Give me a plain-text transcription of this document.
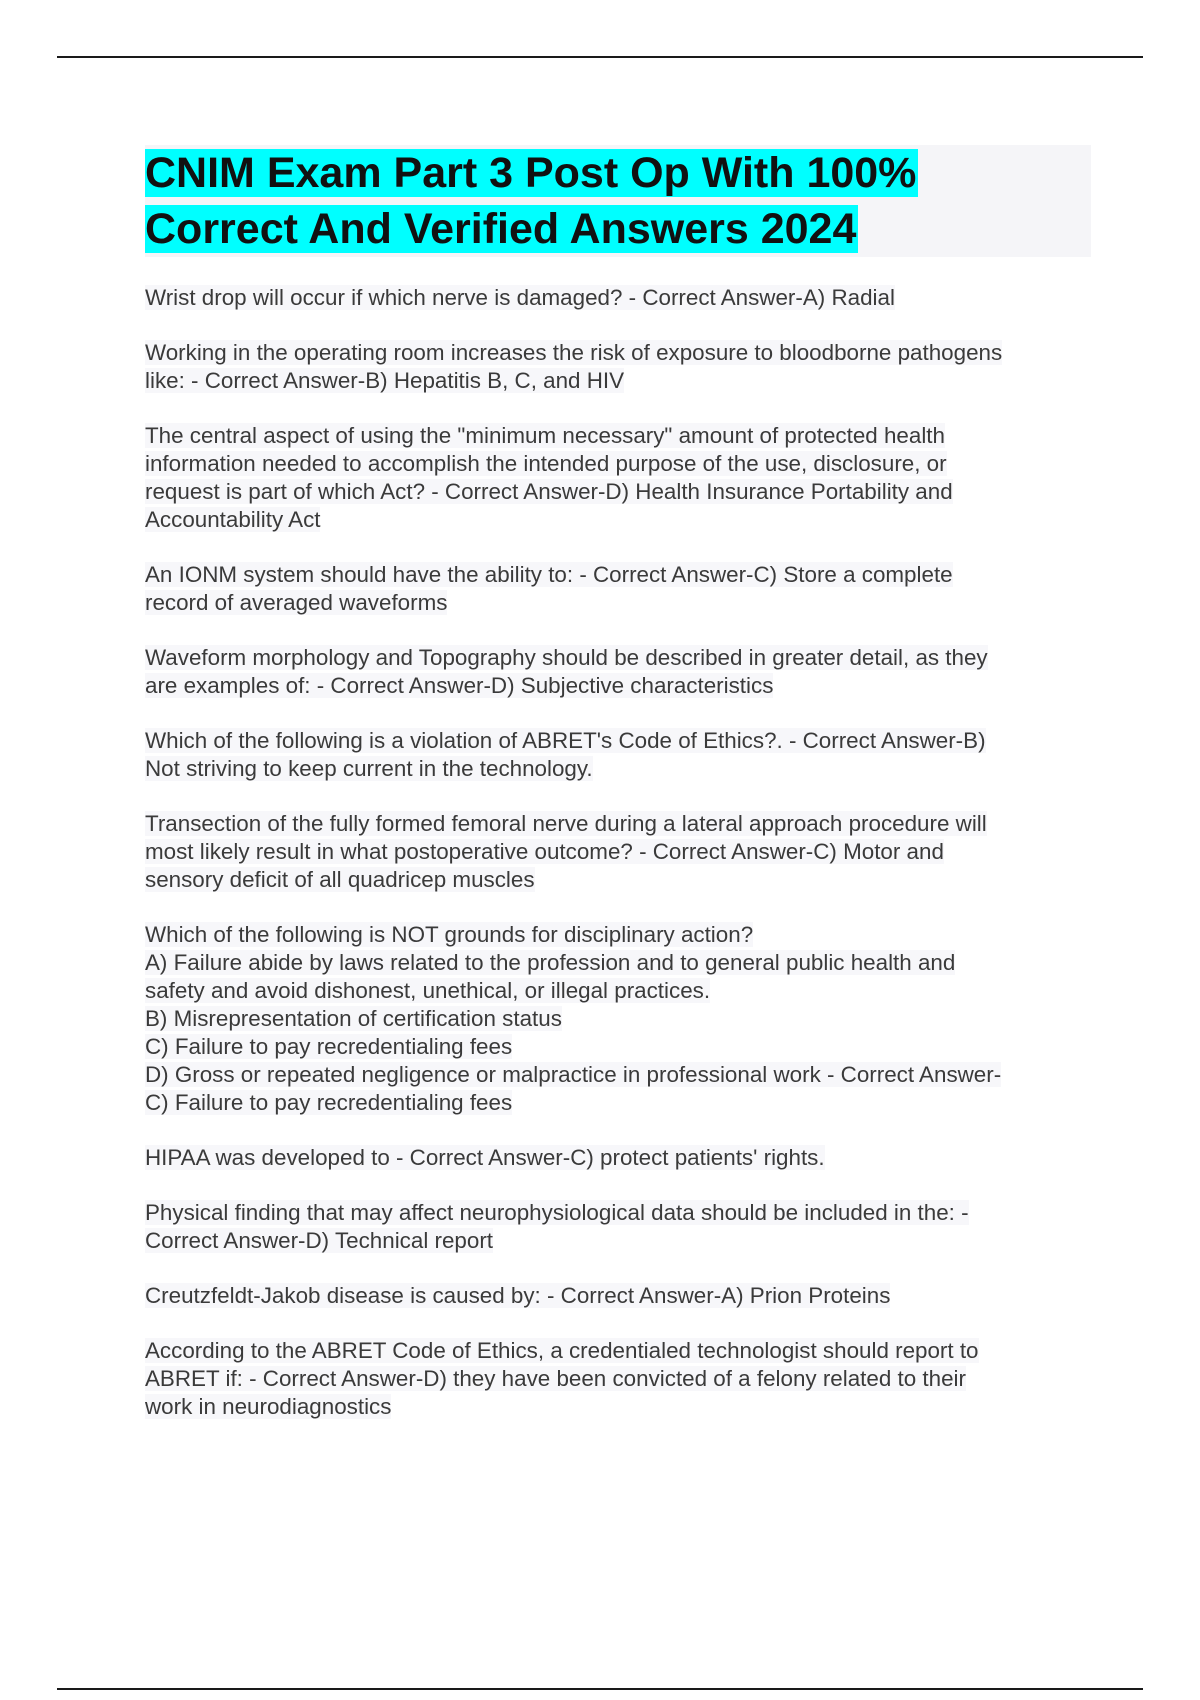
CNIM Exam Part 3 Post Op With 100%
Correct And Verified Answers 2024

Wrist drop will occur if which nerve is damaged? - Correct Answer-A) Radial

Working in the operating room increases the risk of exposure to bloodborne pathogens
like: - Correct Answer-B) Hepatitis B, C, and HIV

The central aspect of using the "minimum necessary" amount of protected health
information needed to accomplish the intended purpose of the use, disclosure, or
request is part of which Act? - Correct Answer-D) Health Insurance Portability and
Accountability Act

An IONM system should have the ability to: - Correct Answer-C) Store a complete
record of averaged waveforms

Waveform morphology and Topography should be described in greater detail, as they
are examples of: - Correct Answer-D) Subjective characteristics

Which of the following is a violation of ABRET's Code of Ethics?. - Correct Answer-B)
Not striving to keep current in the technology.

Transection of the fully formed femoral nerve during a lateral approach procedure will
most likely result in what postoperative outcome? - Correct Answer-C) Motor and
sensory deficit of all quadricep muscles

Which of the following is NOT grounds for disciplinary action?
A) Failure abide by laws related to the profession and to general public health and
safety and avoid dishonest, unethical, or illegal practices.
B) Misrepresentation of certification status
C) Failure to pay recredentialing fees
D) Gross or repeated negligence or malpractice in professional work - Correct Answer-
C) Failure to pay recredentialing fees

HIPAA was developed to - Correct Answer-C) protect patients' rights.

Physical finding that may affect neurophysiological data should be included in the: -
Correct Answer-D) Technical report

Creutzfeldt-Jakob disease is caused by: - Correct Answer-A) Prion Proteins

According to the ABRET Code of Ethics, a credentialed technologist should report to
ABRET if: - Correct Answer-D) they have been convicted of a felony related to their
work in neurodiagnostics
